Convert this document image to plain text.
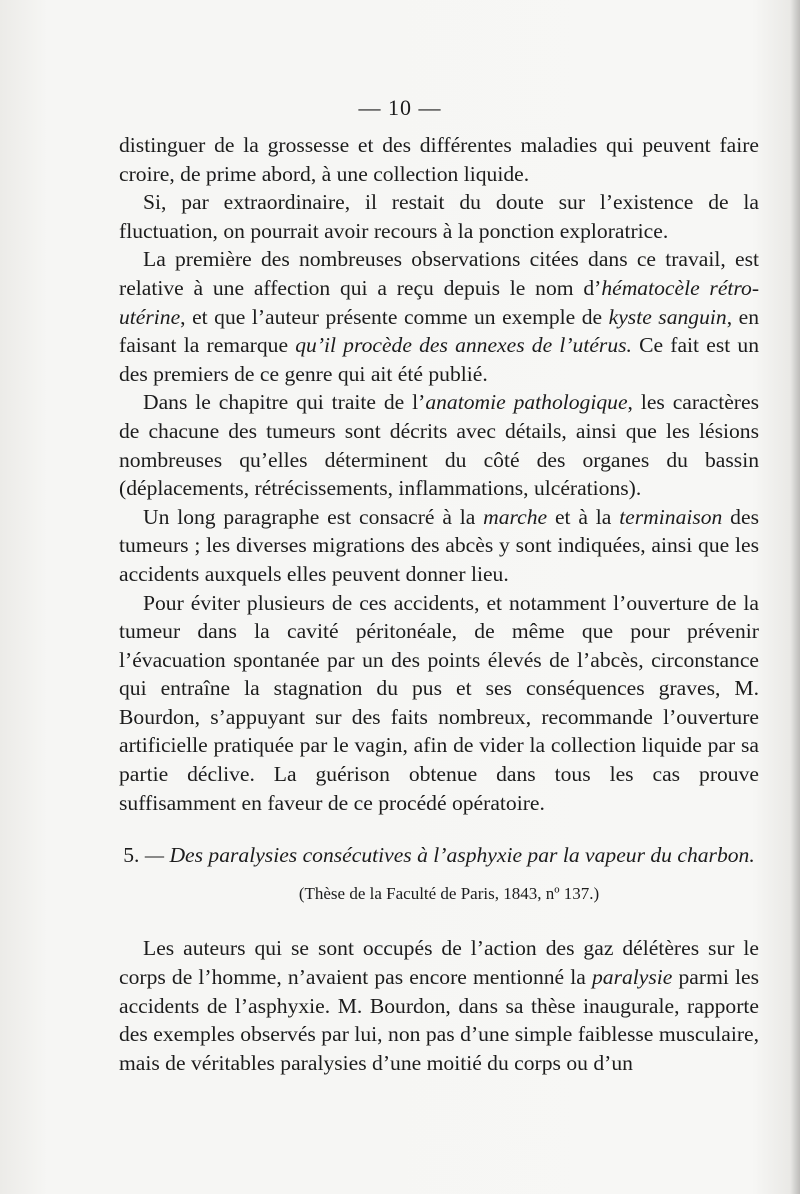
— 10 —

distinguer de la grossesse et des différentes maladies qui peuvent faire croire, de prime abord, à une collection liquide.

Si, par extraordinaire, il restait du doute sur l’existence de la fluctuation, on pourrait avoir recours à la ponction exploratrice.

La première des nombreuses observations citées dans ce travail, est relative à une affection qui a reçu depuis le nom d’hématocèle rétro-utérine, et que l’auteur présente comme un exemple de kyste sanguin, en faisant la remarque qu’il procède des annexes de l’utérus. Ce fait est un des premiers de ce genre qui ait été publié.

Dans le chapitre qui traite de l’anatomie pathologique, les caractères de chacune des tumeurs sont décrits avec détails, ainsi que les lésions nombreuses qu’elles déterminent du côté des organes du bassin (déplacements, rétrécissements, inflammations, ulcérations).

Un long paragraphe est consacré à la marche et à la terminaison des tumeurs ; les diverses migrations des abcès y sont indiquées, ainsi que les accidents auxquels elles peuvent donner lieu.

Pour éviter plusieurs de ces accidents, et notamment l’ouverture de la tumeur dans la cavité péritonéale, de même que pour prévenir l’évacuation spontanée par un des points élevés de l’abcès, circonstance qui entraîne la stagnation du pus et ses conséquences graves, M. Bourdon, s’appuyant sur des faits nombreux, recommande l’ouverture artificielle pratiquée par le vagin, afin de vider la collection liquide par sa partie déclive. La guérison obtenue dans tous les cas prouve suffisamment en faveur de ce procédé opératoire.

5. — Des paralysies consécutives à l’asphyxie par la vapeur du charbon.
(Thèse de la Faculté de Paris, 1843, nº 137.)

Les auteurs qui se sont occupés de l’action des gaz délétères sur le corps de l’homme, n’avaient pas encore mentionné la paralysie parmi les accidents de l’asphyxie. M. Bourdon, dans sa thèse inaugurale, rapporte des exemples observés par lui, non pas d’une simple faiblesse musculaire, mais de véritables paralysies d’une moitié du corps ou d’un
